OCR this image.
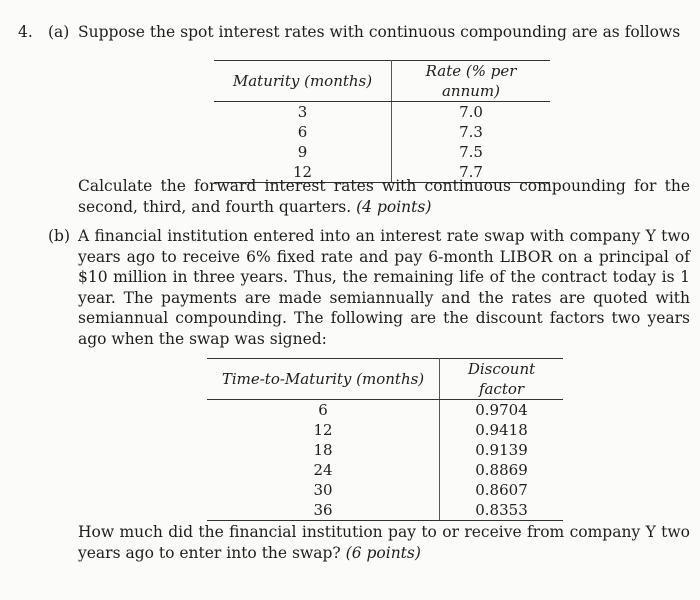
4. (a) Suppose the spot interest rates with continuous compounding are as follows
Maturity (months)	Rate (% per annum)
3	7.0
6	7.3
9	7.5
12	7.7
Calculate the forward interest rates with continuous compounding for the second, third, and fourth quarters. (4 points)
(b) A financial institution entered into an interest rate swap with company Y two years ago to receive 6% fixed rate and pay 6-month LIBOR on a principal of $10 million in three years. Thus, the remaining life of the contract today is 1 year. The payments are made semiannually and the rates are quoted with semiannual compounding. The following are the discount factors two years ago when the swap was signed:
Time-to-Maturity (months)	Discount factor
6	0.9704
12	0.9418
18	0.9139
24	0.8869
30	0.8607
36	0.8353
How much did the financial institution pay to or receive from company Y two years ago to enter into the swap? (6 points)
